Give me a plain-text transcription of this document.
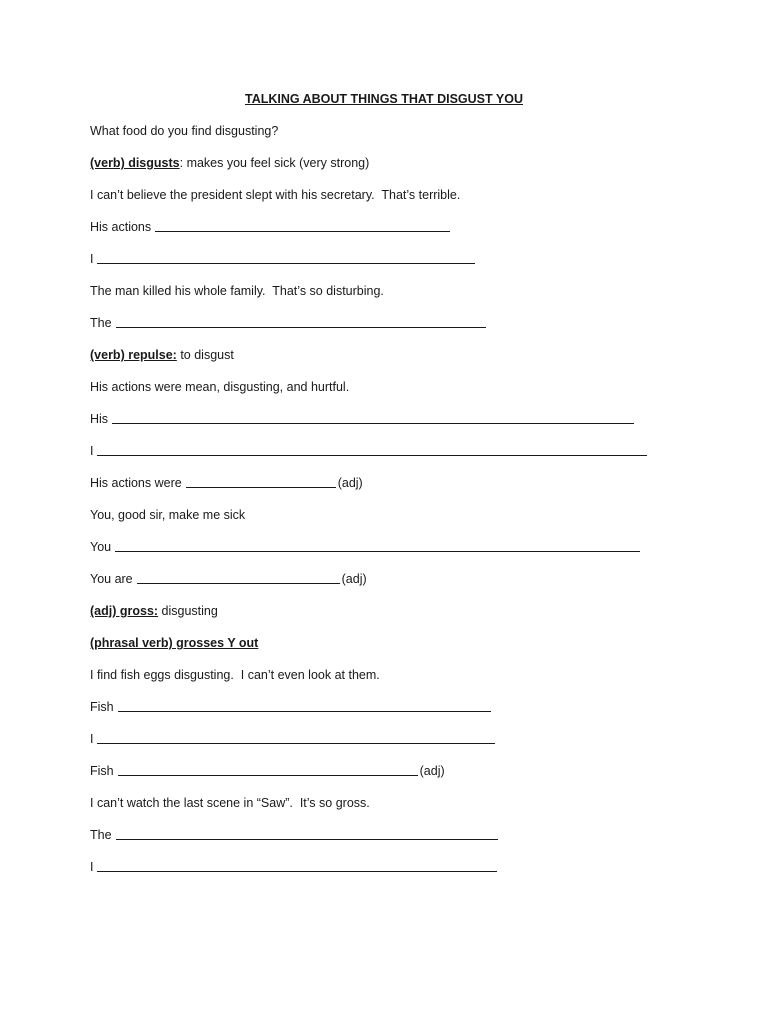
TALKING ABOUT THINGS THAT DISGUST YOU
What food do you find disgusting?
(verb) disgusts : makes you feel sick (very strong)
I can’t believe the president slept with his secretary.  That’s terrible.
His actions
I
The man killed his whole family.  That’s so disturbing.
The
(verb) repulse: to disgust
His actions were mean, disgusting, and hurtful.
His
I
His actions were	(adj)
You, good sir, make me sick
You
You are	(adj)
(adj) gross: disgusting
(phrasal verb) grosses Y out
I find fish eggs disgusting.  I can’t even look at them.
Fish
I
Fish	(adj)
I can’t watch the last scene in “Saw”.  It’s so gross.
The
I
